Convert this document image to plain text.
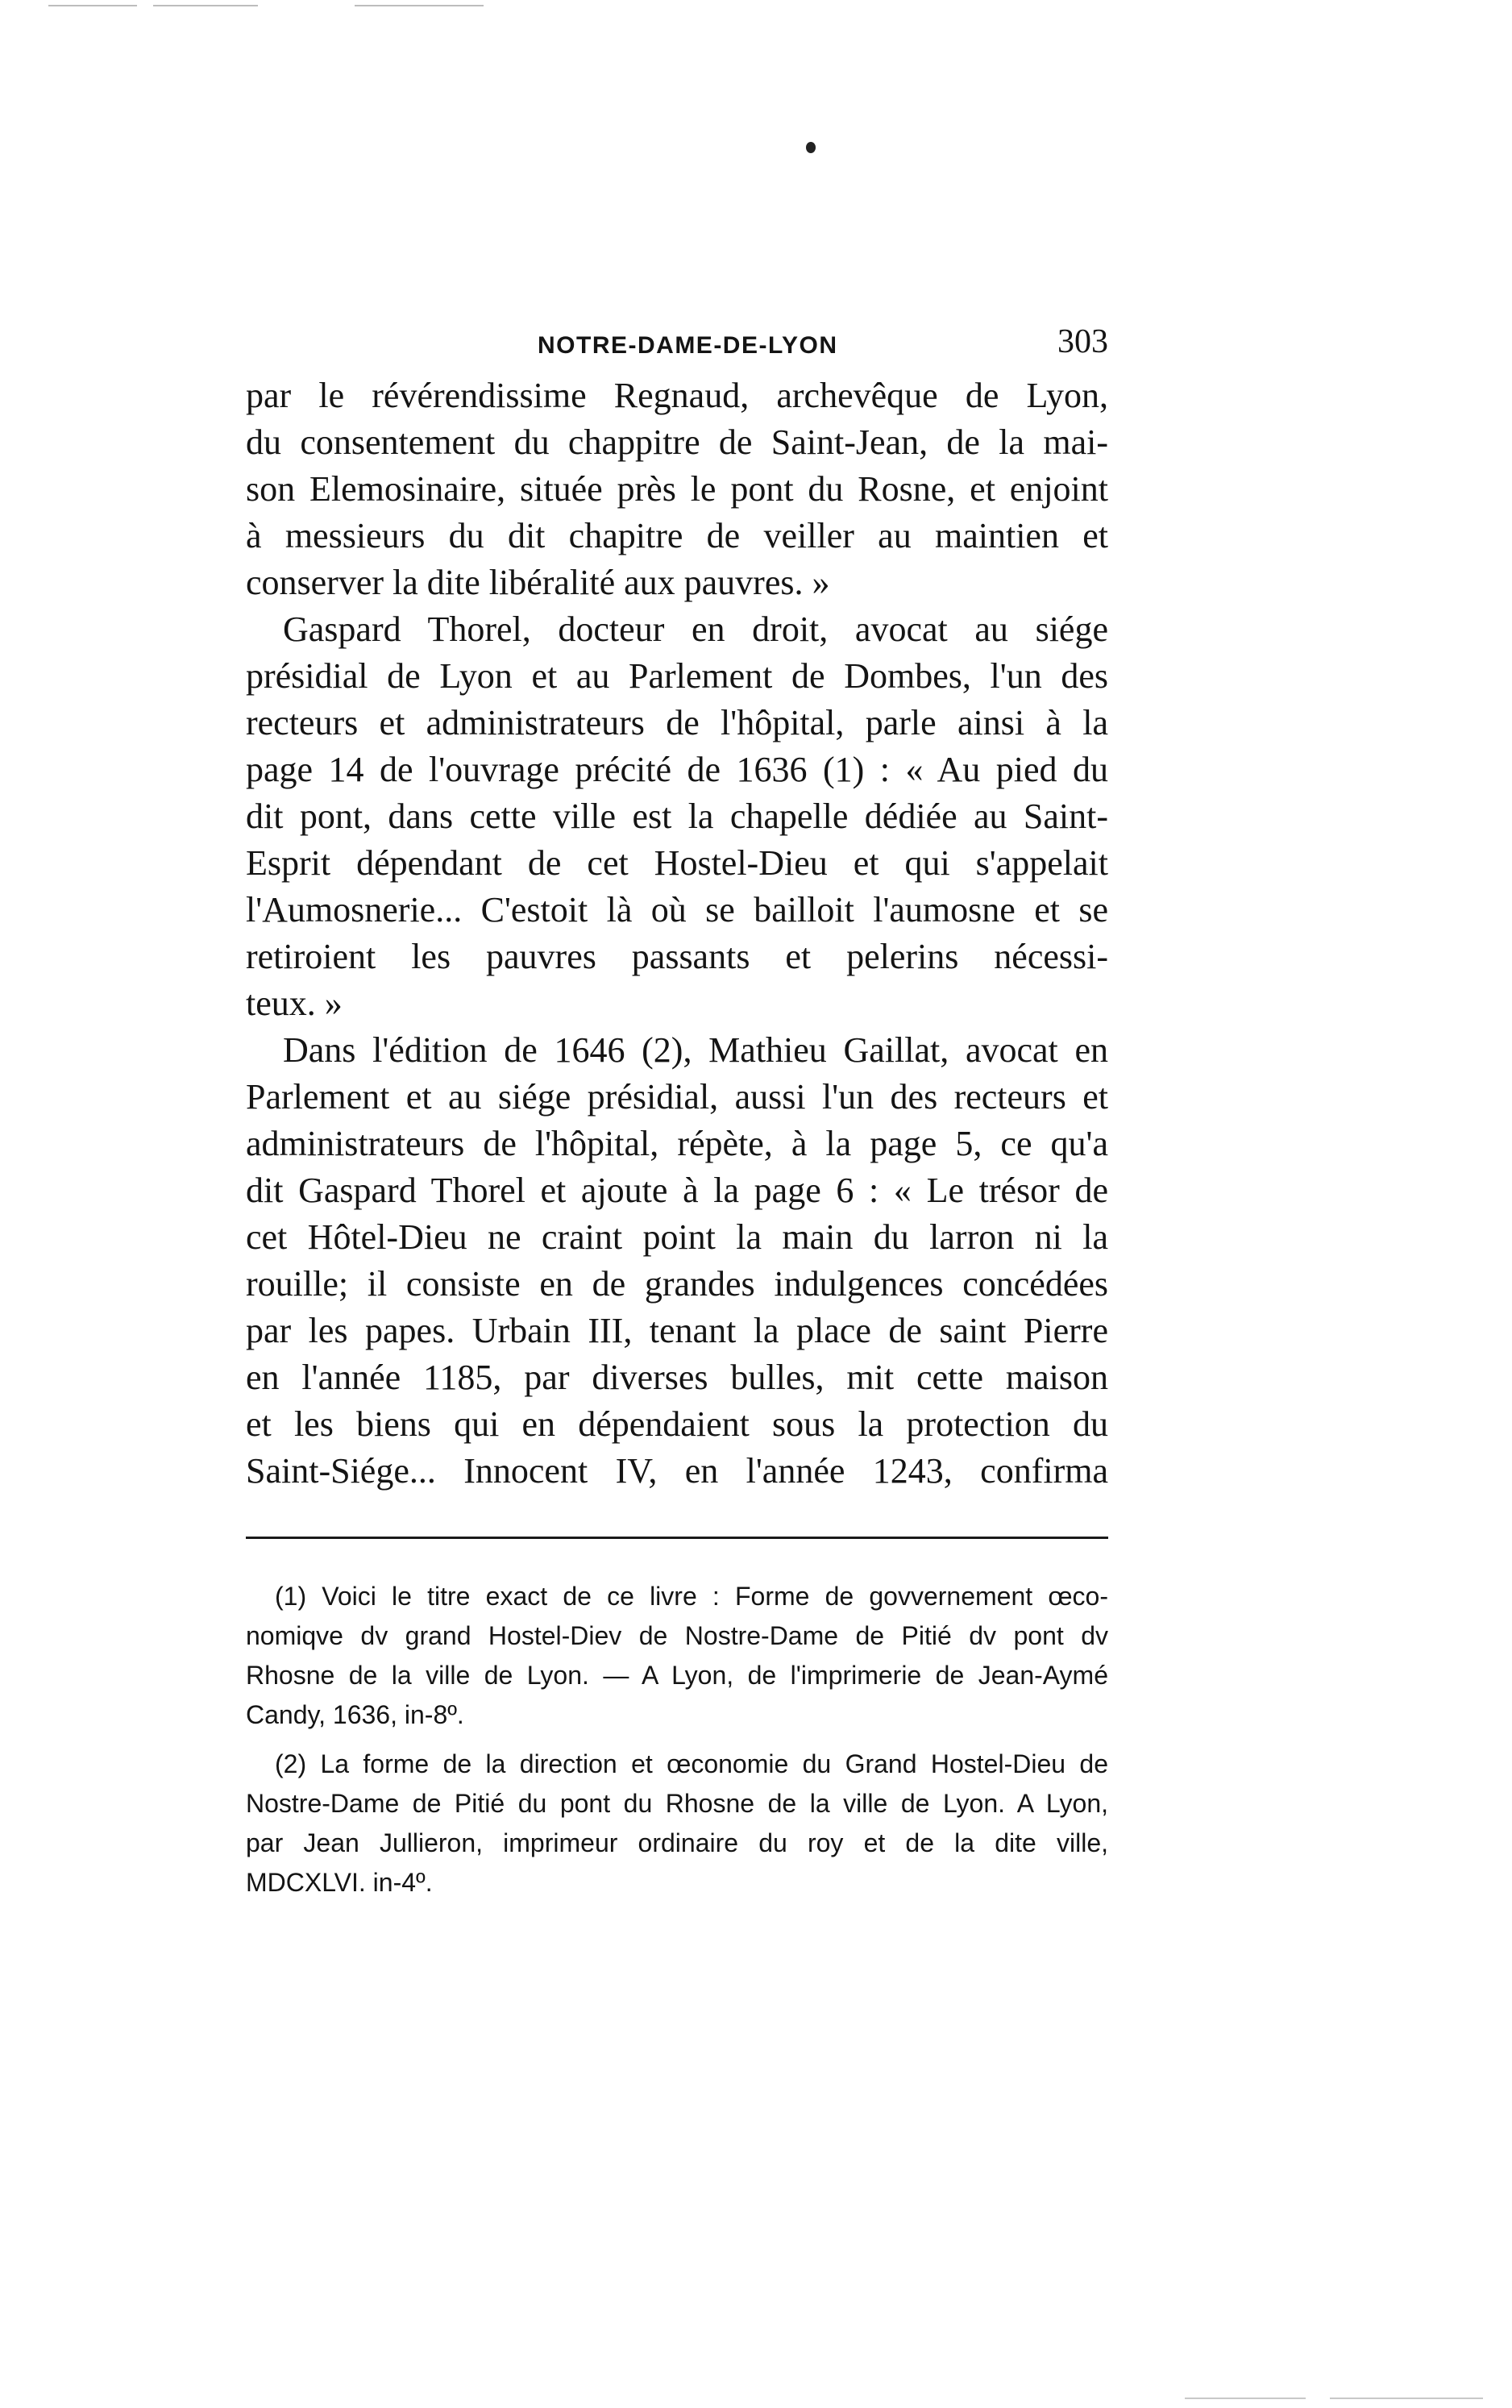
NOTRE-DAME-DE-LYON	303
par le révérendissime Regnaud, archevêque de Lyon,
du consentement du chappitre de Saint-Jean, de la mai-
son Elemosinaire, située près le pont du Rosne, et enjoint
à messieurs du dit chapitre de veiller au maintien et
conserver la dite libéralité aux pauvres. »
Gaspard Thorel, docteur en droit, avocat au siége
présidial de Lyon et au Parlement de Dombes, l'un des
recteurs et administrateurs de l'hôpital, parle ainsi à la
page 14 de l'ouvrage précité de 1636 (1) : « Au pied du
dit pont, dans cette ville est la chapelle dédiée au Saint-
Esprit dépendant de cet Hostel-Dieu et qui s'appelait
l'Aumosnerie... C'estoit là où se bailloit l'aumosne et se
retiroient les pauvres passants et pelerins nécessi-
teux. »
Dans l'édition de 1646 (2), Mathieu Gaillat, avocat en
Parlement et au siége présidial, aussi l'un des recteurs et
administrateurs de l'hôpital, répète, à la page 5, ce qu'a
dit Gaspard Thorel et ajoute à la page 6 : « Le trésor de
cet Hôtel-Dieu ne craint point la main du larron ni la
rouille; il consiste en de grandes indulgences concédées
par les papes. Urbain III, tenant la place de saint Pierre
en l'année 1185, par diverses bulles, mit cette maison
et les biens qui en dépendaient sous la protection du
Saint-Siége... Innocent IV, en l'année 1243, confirma
(1) Voici le titre exact de ce livre : Forme de govvernement œco-
nomiqve dv grand Hostel-Diev de Nostre-Dame de Pitié dv pont dv
Rhosne de la ville de Lyon. — A Lyon, de l'imprimerie de Jean-Aymé
Candy, 1636, in-8º.
(2) La forme de la direction et œconomie du Grand Hostel-Dieu de
Nostre-Dame de Pitié du pont du Rhosne de la ville de Lyon. A Lyon,
par Jean Jullieron, imprimeur ordinaire du roy et de la dite ville,
MDCXLVI. in-4º.
